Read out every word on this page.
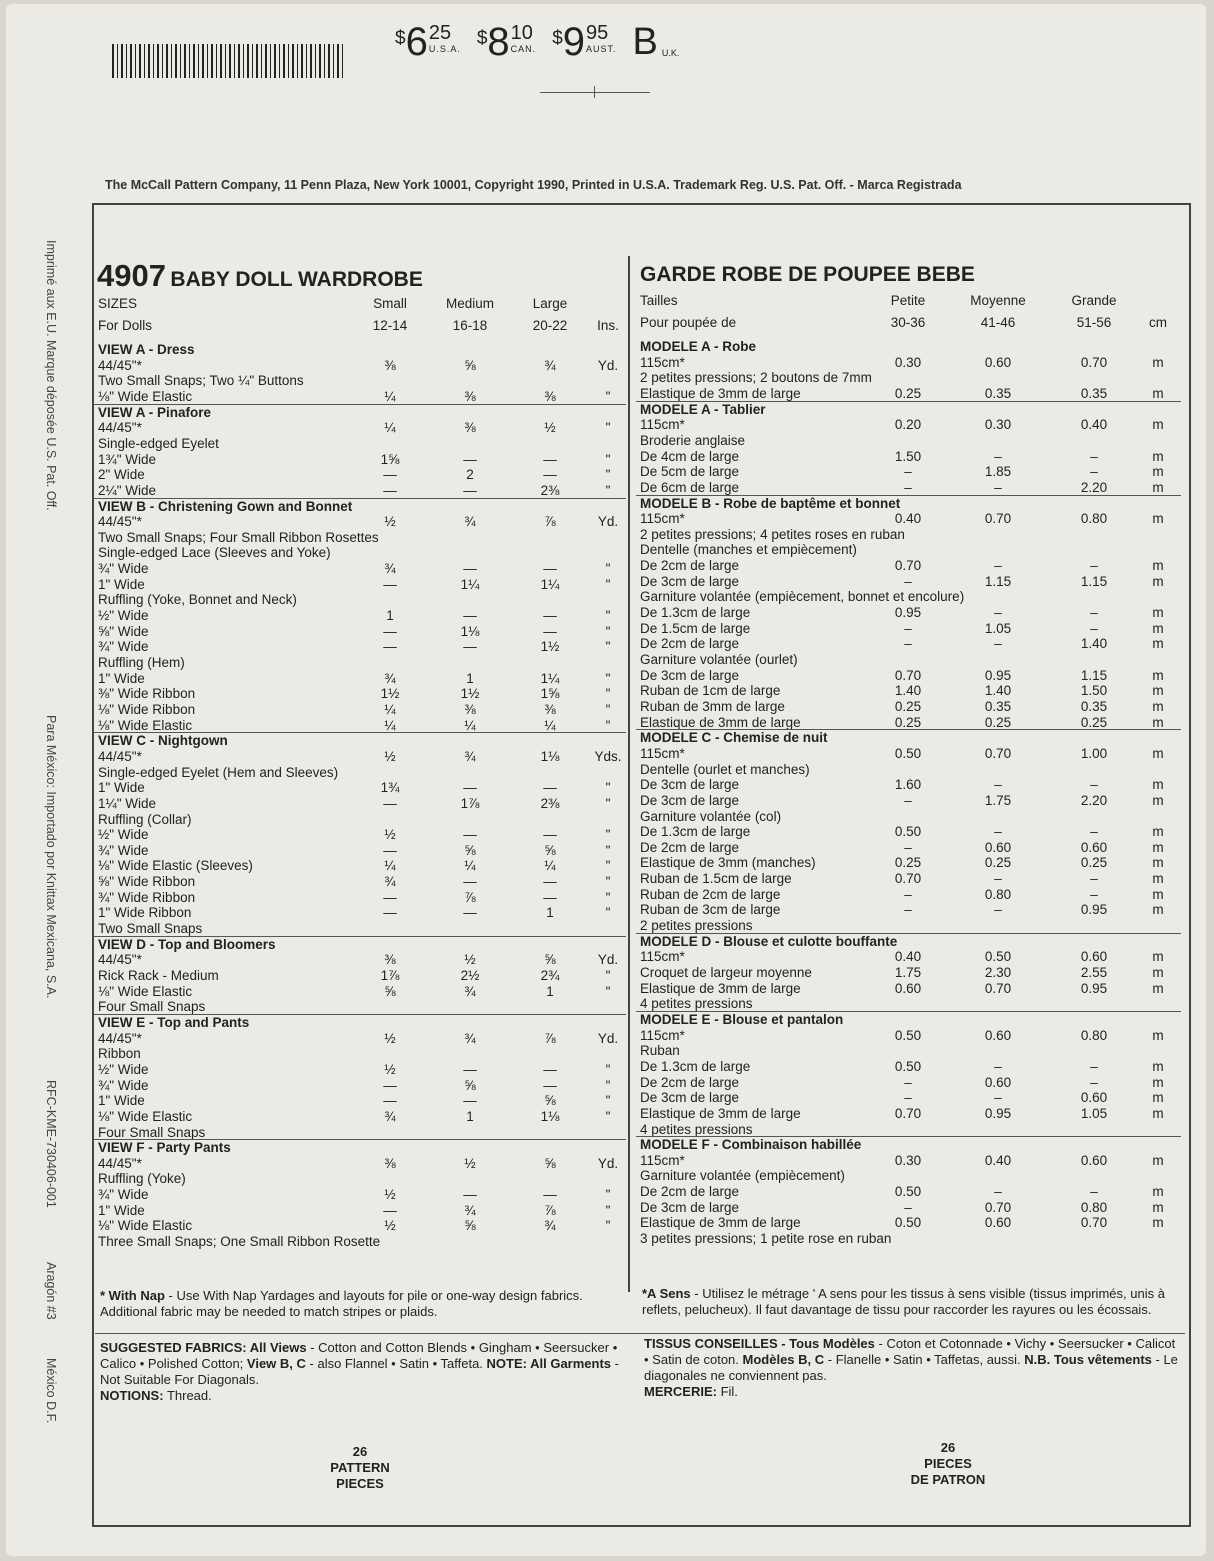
$ 6 25
U.S.A. $ 8 10
CAN. $ 9 95
AUST. B U.K.
The McCall Pattern Company, 11 Penn Plaza, New York 10001, Copyright 1990, Printed in U.S.A. Trademark Reg. U.S. Pat. Off. - Marca Registrada
Imprimé aux E.U. Marque déposée U.S. Pat. Off.
Para México: Importado por Knittax Mexicana, S.A.
RFC-KME-730406-001
Aragón #3
México D.F.
4907 BABY DOLL WARDROBE	GARDE ROBE DE POUPEE BEBE
SIZES	Small	Medium	Large
For Dolls	12-14	16-18	20-22	Ins.
VIEW A - Dress
44/45"*	⅜	⅝	¾	Yd.
Two Small Snaps; Two ¼" Buttons
⅛" Wide Elastic	¼	⅜	⅜	"
VIEW A - Pinafore
44/45"*	¼	⅜	½	"
Single-edged Eyelet
1¾" Wide	1⅝	—	—	"
2" Wide	—	2	—	"
2¼" Wide	—	—	2⅜	"
VIEW B - Christening Gown and Bonnet
44/45"*	½	¾	⅞	Yd.
Two Small Snaps; Four Small Ribbon Rosettes
Single-edged Lace (Sleeves and Yoke)
¾" Wide	¾	—	—	"
1" Wide	—	1¼	1¼	"
Ruffling (Yoke, Bonnet and Neck)
½" Wide	1	—	—	"
⅝" Wide	—	1⅛	—	"
¾" Wide	—	—	1½	"
Ruffling (Hem)
1" Wide	¾	1	1¼	"
⅜" Wide Ribbon	1½	1½	1⅝	"
⅛" Wide Ribbon	¼	⅜	⅜	"
⅛" Wide Elastic	¼	¼	¼	"
VIEW C - Nightgown
44/45"*	½	¾	1⅛	Yds.
Single-edged Eyelet (Hem and Sleeves)
1" Wide	1¾	—	—	"
1¼" Wide	—	1⅞	2⅜	"
Ruffling (Collar)
½" Wide	½	—	—	"
¾" Wide	—	⅝	⅝	"
⅛" Wide Elastic (Sleeves)	¼	¼	¼	"
⅝" Wide Ribbon	¾	—	—	"
¾" Wide Ribbon	—	⅞	—	"
1" Wide Ribbon	—	—	1	"
Two Small Snaps
VIEW D - Top and Bloomers
44/45"*	⅜	½	⅝	Yd.
Rick Rack - Medium	1⅞	2½	2¾	"
⅛" Wide Elastic	⅝	¾	1	"
Four Small Snaps
VIEW E - Top and Pants
44/45"*	½	¾	⅞	Yd.
Ribbon
½" Wide	½	—	—	"
¾" Wide	—	⅝	—	"
1" Wide	—	—	⅝	"
⅛" Wide Elastic	¾	1	1⅛	"
Four Small Snaps
VIEW F - Party Pants
44/45"*	⅜	½	⅝	Yd.
Ruffling (Yoke)
¾" Wide	½	—	—	"
1" Wide	—	¾	⅞	"
⅛" Wide Elastic	½	⅝	¾	"
Three Small Snaps; One Small Ribbon Rosette
Tailles	Petite	Moyenne	Grande
Pour poupée de	30-36	41-46	51-56	cm
MODELE A - Robe
115cm*	0.30	0.60	0.70	m
2 petites pressions; 2 boutons de 7mm
Elastique de 3mm de large	0.25	0.35	0.35	m
MODELE A - Tablier
115cm*	0.20	0.30	0.40	m
Broderie anglaise
De 4cm de large	1.50	–	–	m
De 5cm de large	–	1.85	–	m
De 6cm de large	–	–	2.20	m
MODELE B - Robe de baptême et bonnet
115cm*	0.40	0.70	0.80	m
2 petites pressions; 4 petites roses en ruban
Dentelle (manches et empiècement)
De 2cm de large	0.70	–	–	m
De 3cm de large	–	1.15	1.15	m
Garniture volantée (empiècement, bonnet et encolure)
De 1.3cm de large	0.95	–	–	m
De 1.5cm de large	–	1.05	–	m
De 2cm de large	–	–	1.40	m
Garniture volantée (ourlet)
De 3cm de large	0.70	0.95	1.15	m
Ruban de 1cm de large	1.40	1.40	1.50	m
Ruban de 3mm de large	0.25	0.35	0.35	m
Elastique de 3mm de large	0.25	0.25	0.25	m
MODELE C - Chemise de nuit
115cm*	0.50	0.70	1.00	m
Dentelle (ourlet et manches)
De 3cm de large	1.60	–	–	m
De 3cm de large	–	1.75	2.20	m
Garniture volantée (col)
De 1.3cm de large	0.50	–	–	m
De 2cm de large	–	0.60	0.60	m
Elastique de 3mm (manches)	0.25	0.25	0.25	m
Ruban de 1.5cm de large	0.70	–	–	m
Ruban de 2cm de large	–	0.80	–	m
Ruban de 3cm de large	–	–	0.95	m
2 petites pressions
MODELE D - Blouse et culotte bouffante
115cm*	0.40	0.50	0.60	m
Croquet de largeur moyenne	1.75	2.30	2.55	m
Elastique de 3mm de large	0.60	0.70	0.95	m
4 petites pressions
MODELE E - Blouse et pantalon
115cm*	0.50	0.60	0.80	m
Ruban
De 1.3cm de large	0.50	–	–	m
De 2cm de large	–	0.60	–	m
De 3cm de large	–	–	0.60	m
Elastique de 3mm de large	0.70	0.95	1.05	m
4 petites pressions
MODELE F - Combinaison habillée
115cm*	0.30	0.40	0.60	m
Garniture volantée (empiècement)
De 2cm de large	0.50	–	–	m
De 3cm de large	–	0.70	0.80	m
Elastique de 3mm de large	0.50	0.60	0.70	m
3 petites pressions; 1 petite rose en ruban
* With Nap - Use With Nap Yardages and layouts for pile or one-way design fabrics. Additional fabric may be needed to match stripes or plaids.
*A Sens - Utilisez le métrage ' A sens pour les tissus à sens visible (tissus imprimés, unis à reflets, pelucheux). Il faut davantage de tissu pour raccorder les rayures ou les écossais.
SUGGESTED FABRICS: All Views - Cotton and Cotton Blends • Gingham • Seersucker • Calico • Polished Cotton; View B, C - also Flannel • Satin • Taffeta. NOTE: All Garments - Not Suitable For Diagonals.
NOTIONS: Thread.
TISSUS CONSEILLES - Tous Modèles - Coton et Cotonnade • Vichy • Seersucker • Calicot • Satin de coton. Modèles B, C - Flanelle • Satin • Taffetas, aussi. N.B. Tous vêtements - Le diagonales ne conviennent pas.
MERCERIE: Fil.
26
PATTERN
PIECES
26
PIECES
DE PATRON
